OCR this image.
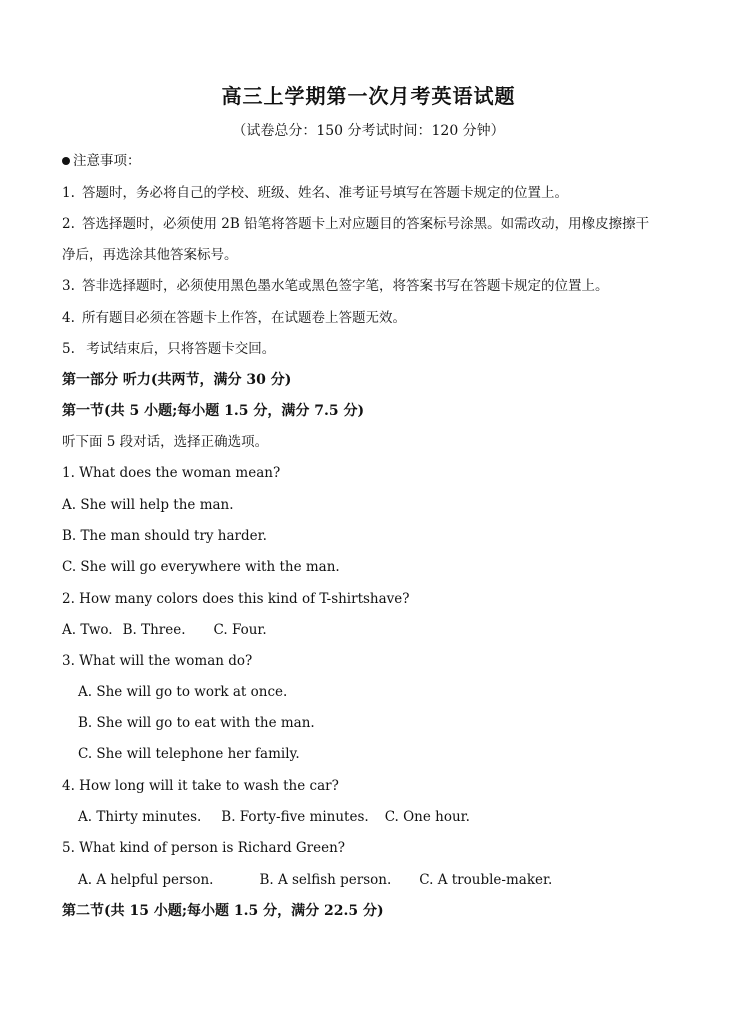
高三上学期第一次月考英语试题
（试卷总分：150 分考试时间：120 分钟）
注意事项：
1. 答题时，务必将自己的学校、班级、姓名、准考证号填写在答题卡规定的位置上。
2. 答选择题时，必须使用 2B 铅笔将答题卡上对应题目的答案标号涂黑。如需改动，用橡皮擦擦干
净后，再选涂其他答案标号。
3. 答非选择题时，必须使用黑色墨水笔或黑色签字笔，将答案书写在答题卡规定的位置上。
4. 所有题目必须在答题卡上作答，在试题卷上答题无效。
5. 考试结束后，只将答题卡交回。
第一部分 听力(共两节，满分 30 分)
第一节(共 5 小题;每小题 1.5 分，满分 7.5 分)
听下面 5 段对话，选择正确选项。
1. What does the woman mean?
A. She will help the man.
B. The man should try harder.
C. She will go everywhere with the man.
2. How many colors does this kind of T-shirtshave?
A. Two. B. Three. C. Four.
3. What will the woman do?
A. She will go to work at once.
B. She will go to eat with the man.
C. She will telephone her family.
4. How long will it take to wash the car?
A. Thirty minutes. B. Forty-five minutes. C. One hour.
5. What kind of person is Richard Green?
A. A helpful person.	B. A selfish person. C. A trouble-maker.
第二节(共 15 小题;每小题 1.5 分，满分 22.5 分)
